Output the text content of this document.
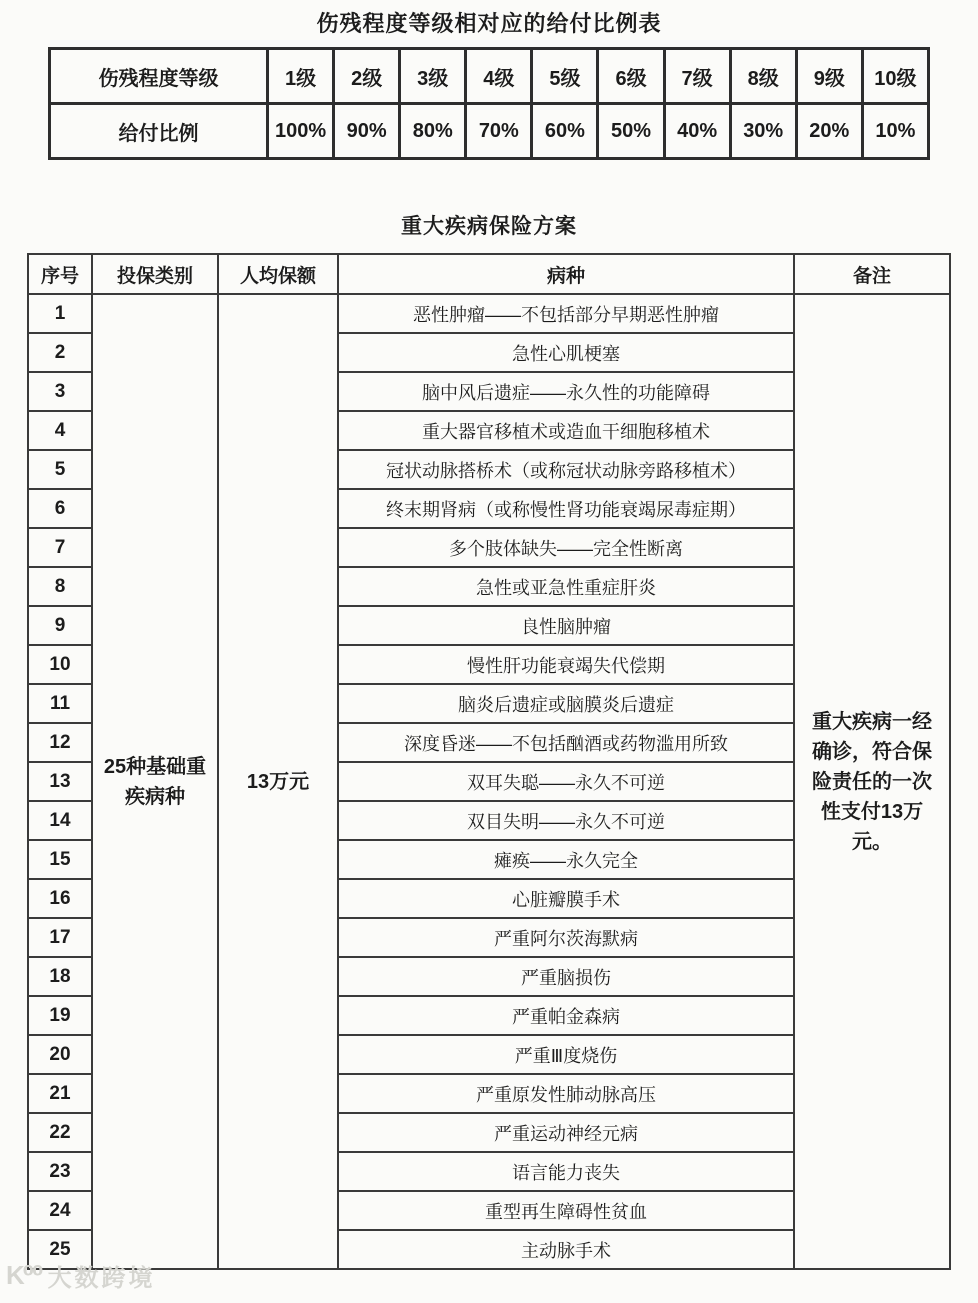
伤残程度等级相对应的给付比例表
伤残程度等级	1级	2级	3级	4级	5级	6级	7级	8级	9级	10级
给付比例	100%	90%	80%	70%	60%	50%	40%	30%	20%	10%
重大疾病保险方案
序号	投保类别	人均保额	病种	备注
1	25种基础重疾病种	13万元	恶性肿瘤——不包括部分早期恶性肿瘤	重大疾病一经确诊，符合保险责任的一次性支付13万元。
2			急性心肌梗塞	
3			脑中风后遗症——永久性的功能障碍	
4			重大器官移植术或造血干细胞移植术	
5			冠状动脉搭桥术（或称冠状动脉旁路移植术）	
6			终末期肾病（或称慢性肾功能衰竭尿毒症期）	
7			多个肢体缺失——完全性断离	
8			急性或亚急性重症肝炎	
9			良性脑肿瘤	
10			慢性肝功能衰竭失代偿期	
11			脑炎后遗症或脑膜炎后遗症	
12			深度昏迷——不包括酗酒或药物滥用所致	
13			双耳失聪——永久不可逆	
14			双目失明——永久不可逆	
15			瘫痪——永久完全	
16			心脏瓣膜手术	
17			严重阿尔茨海默病	
18			严重脑损伤	
19			严重帕金森病	
20			严重Ⅲ度烧伤	
21			严重原发性肺动脉高压	
22			严重运动神经元病	
23			语言能力丧失	
24			重型再生障碍性贫血	
25			主动脉手术	
K⁰⁰ 大数跨境
